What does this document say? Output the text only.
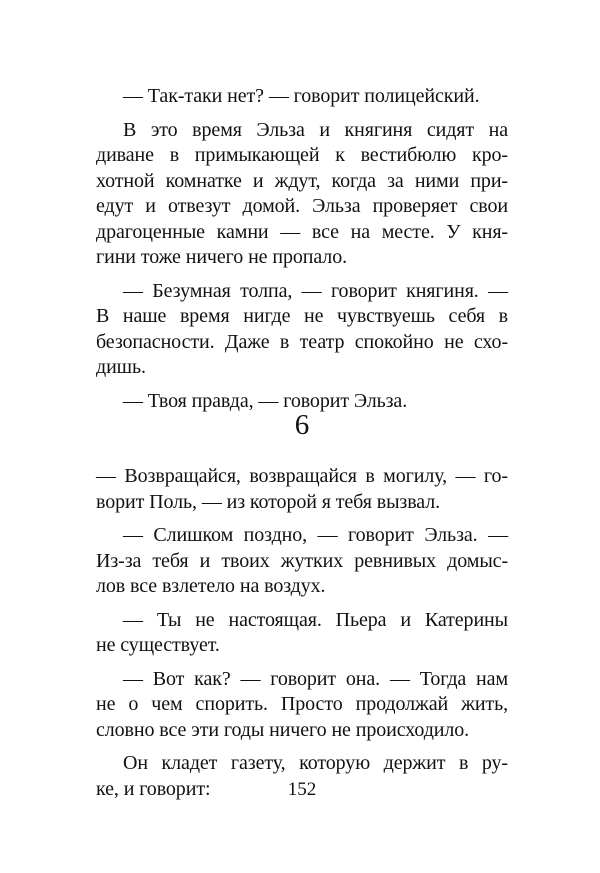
— Так-таки нет? — говорит полицейский.
В это время Эльза и княгиня сидят на
диване в примыкающей к вестибюлю кро-
хотной комнатке и ждут, когда за ними при-
едут и отвезут домой. Эльза проверяет свои
драгоценные камни — все на месте. У кня-
гини тоже ничего не пропало.
— Безумная толпа, — говорит княгиня. —
В наше время нигде не чувствуешь себя в
безопасности. Даже в театр спокойно не схо-
дишь.
— Твоя правда, — говорит Эльза.
6
— Возвращайся, возвращайся в могилу, — го-
ворит Поль, — из которой я тебя вызвал.
— Слишком поздно, — говорит Эльза. —
Из-за тебя и твоих жутких ревнивых домыс-
лов все взлетело на воздух.
— Ты не настоящая. Пьера и Катерины
не существует.
— Вот как? — говорит она. — Тогда нам
не о чем спорить. Просто продолжай жить,
словно все эти годы ничего не происходило.
Он кладет газету, которую держит в ру-
ке, и говорит:	152
